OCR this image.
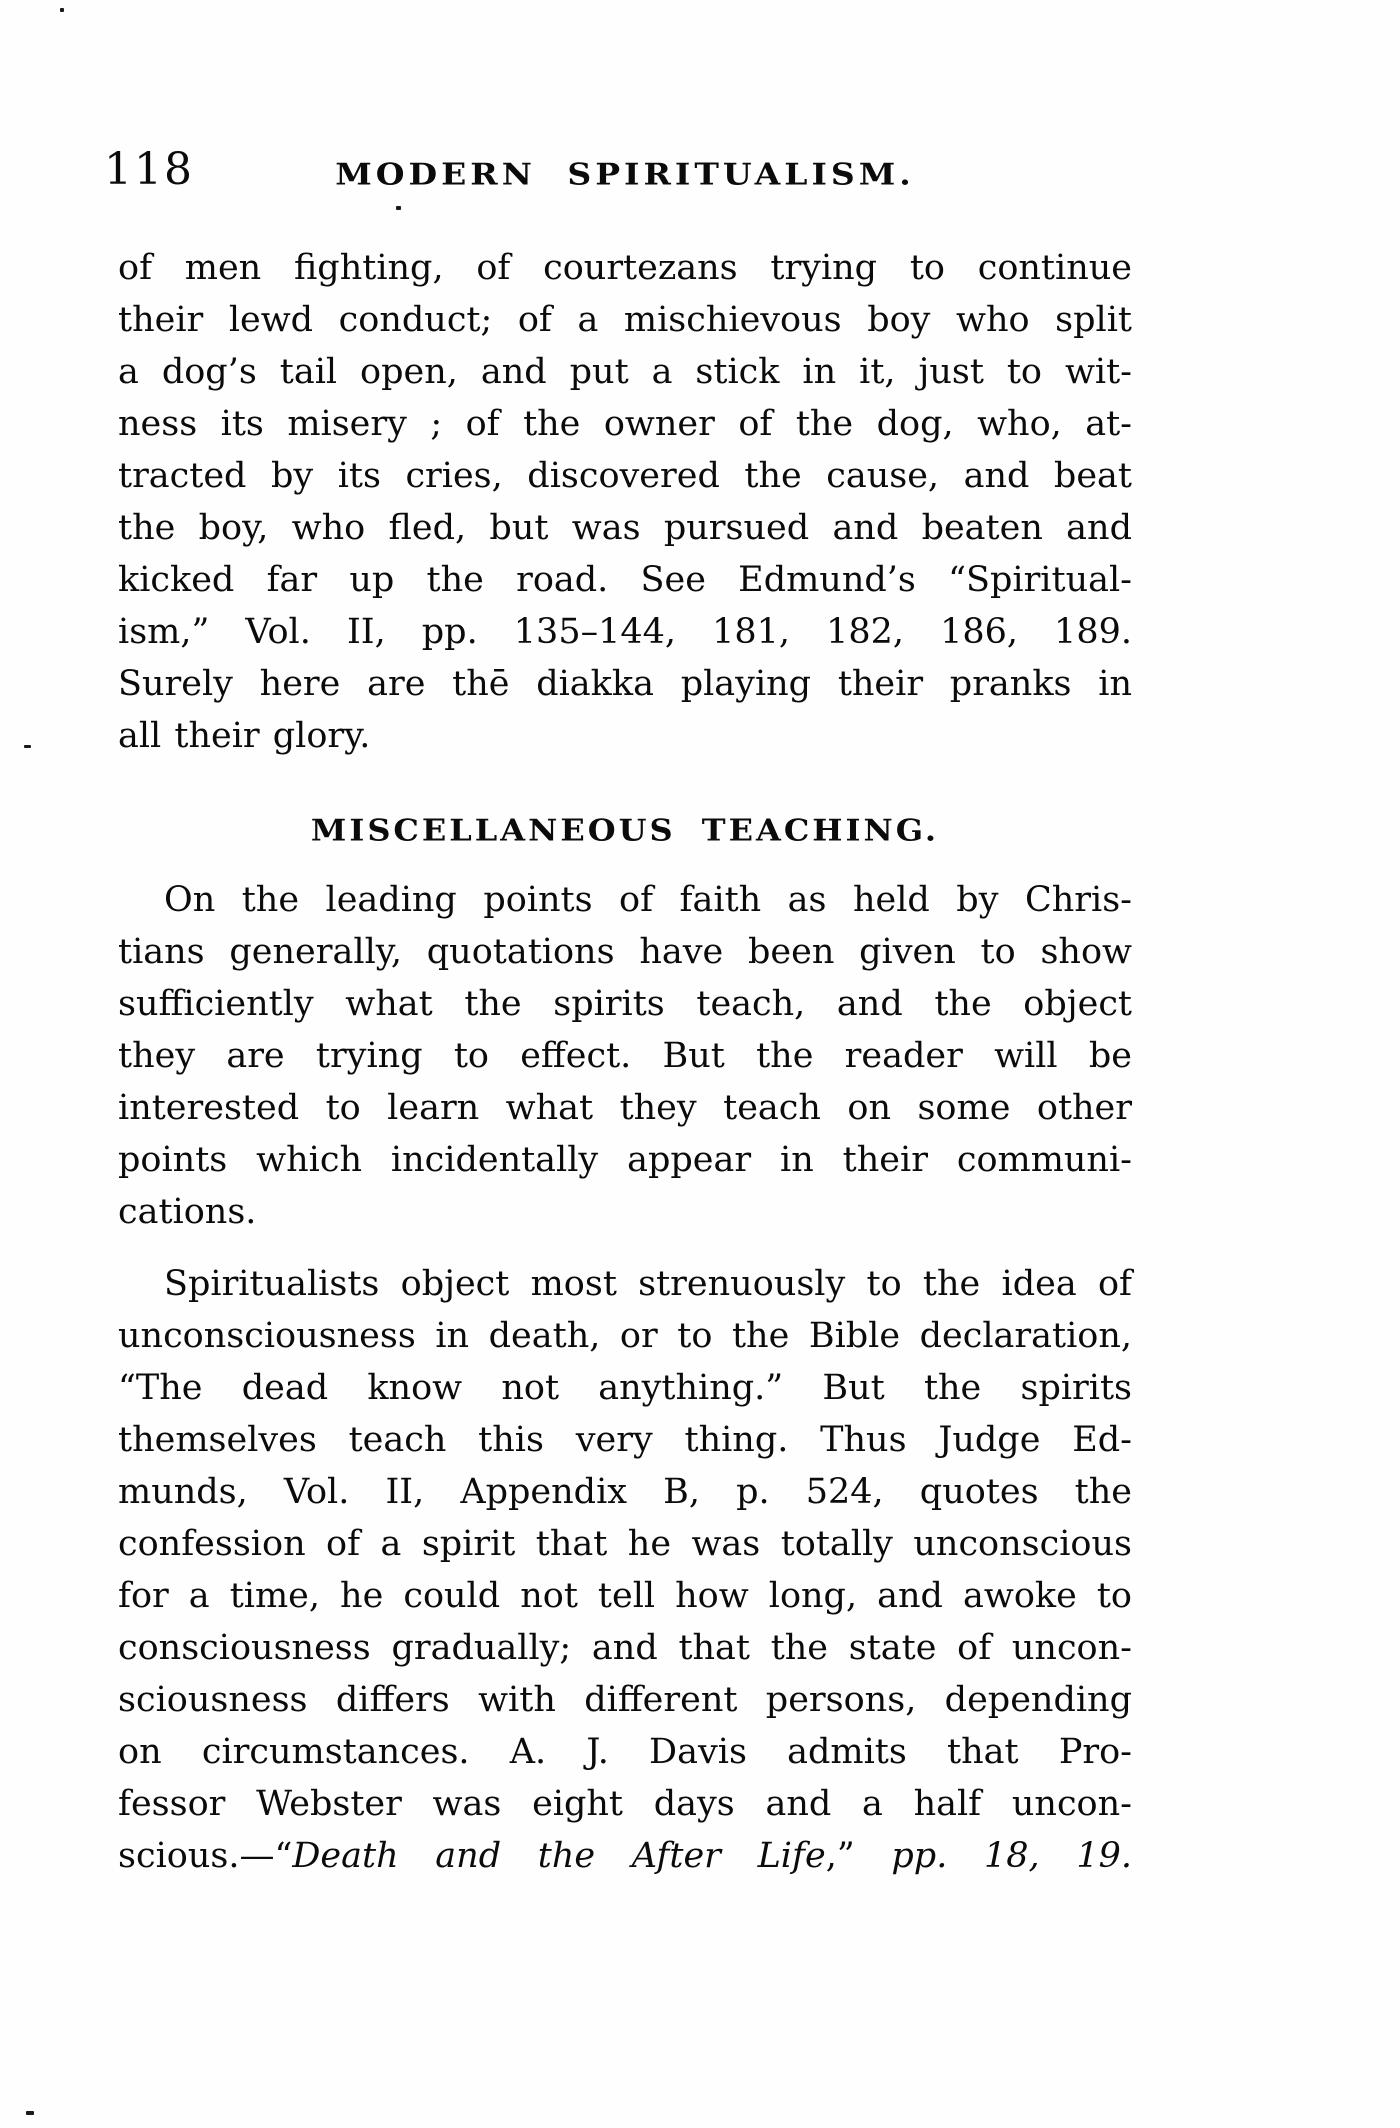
118	MODERN SPIRITUALISM.
of men fighting, of courtezans trying to continue
their lewd conduct; of a mischievous boy who split
a dog’s tail open, and put a stick in it, just to wit-
ness its misery ; of the owner of the dog, who, at-
tracted by its cries, discovered the cause, and beat
the boy, who fled, but was pursued and beaten and
kicked far up the road. See Edmund’s “Spiritual-
ism,” Vol. II, pp. 135–144, 181, 182, 186, 189.
Surely here are thē diakka playing their pranks in
all their glory.
MISCELLANEOUS TEACHING.
On the leading points of faith as held by Chris-
tians generally, quotations have been given to show
sufficiently what the spirits teach, and the object
they are trying to effect. But the reader will be
interested to learn what they teach on some other
points which incidentally appear in their communi-
cations.
Spiritualists object most strenuously to the idea of
unconsciousness in death, or to the Bible declaration,
“The dead know not anything.” But the spirits
themselves teach this very thing. Thus Judge Ed-
munds, Vol. II, Appendix B, p. 524, quotes the
confession of a spirit that he was totally unconscious
for a time, he could not tell how long, and awoke to
consciousness gradually; and that the state of uncon-
sciousness differs with different persons, depending
on circumstances. A. J. Davis admits that Pro-
fessor Webster was eight days and a half uncon-
scious.—“Death and the After Life,” pp. 18, 19.
